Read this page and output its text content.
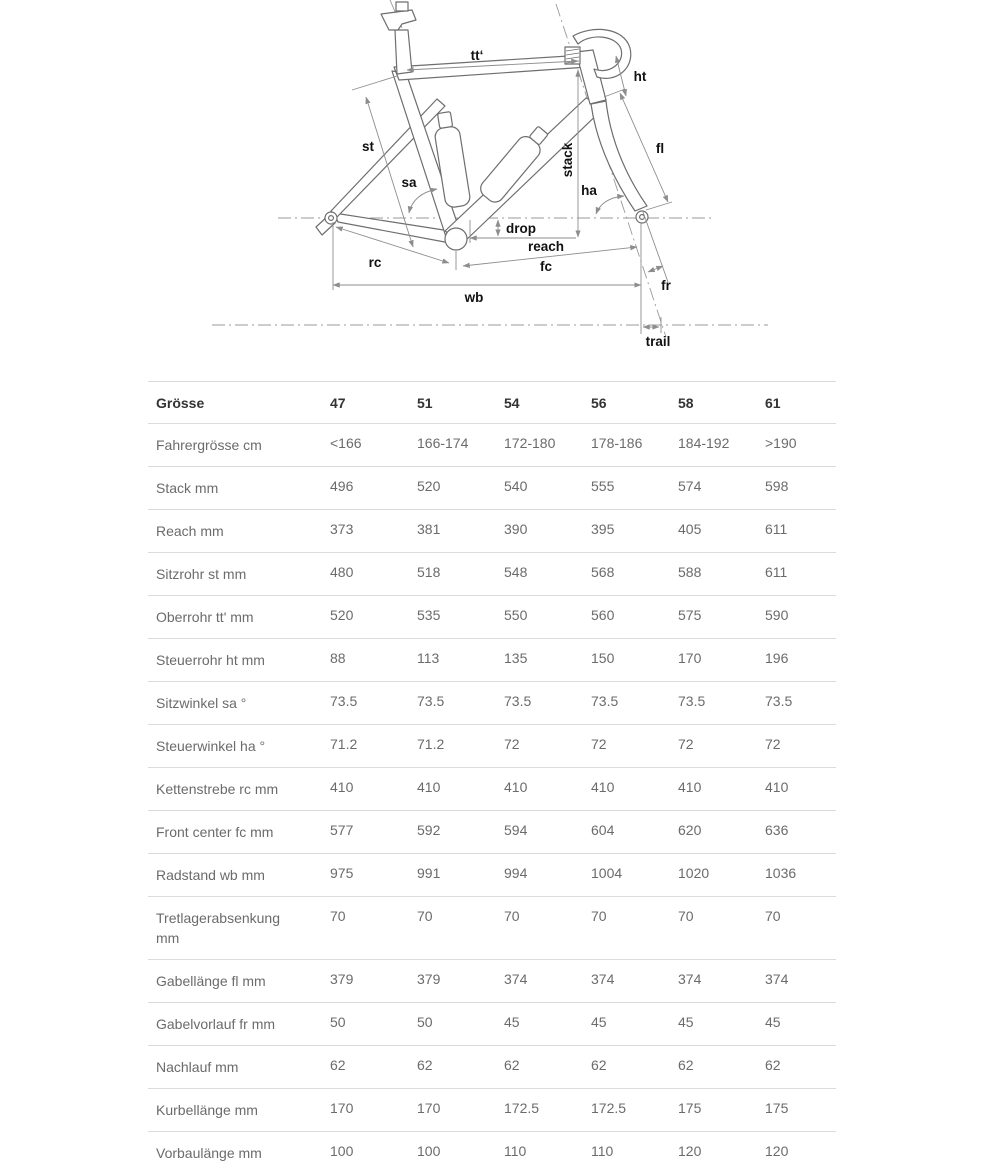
tt‘
ht
st
sa
stack
ha
fl
drop
reach
rc	fc
wb
fr
trail
Grösse	47	51	54	56	58	61
Fahrergrösse cm	<166	166-174	172-180	178-186	184-192	>190
Stack mm	496	520	540	555	574	598
Reach mm	373	381	390	395	405	611
Sitzrohr st mm	480	518	548	568	588	611
Oberrohr tt' mm	520	535	550	560	575	590
Steuerrohr ht mm	88	113	135	150	170	196
Sitzwinkel sa °	73.5	73.5	73.5	73.5	73.5	73.5
Steuerwinkel ha °	71.2	71.2	72	72	72	72
Kettenstrebe rc mm	410	410	410	410	410	410
Front center fc mm	577	592	594	604	620	636
Radstand wb mm	975	991	994	1004	1020	1036
Tretlagerabsenkung mm	70	70	70	70	70	70
Gabellänge fl mm	379	379	374	374	374	374
Gabelvorlauf fr mm	50	50	45	45	45	45
Nachlauf mm	62	62	62	62	62	62
Kurbellänge mm	170	170	172.5	172.5	175	175
Vorbaulänge mm	100	100	110	110	120	120
